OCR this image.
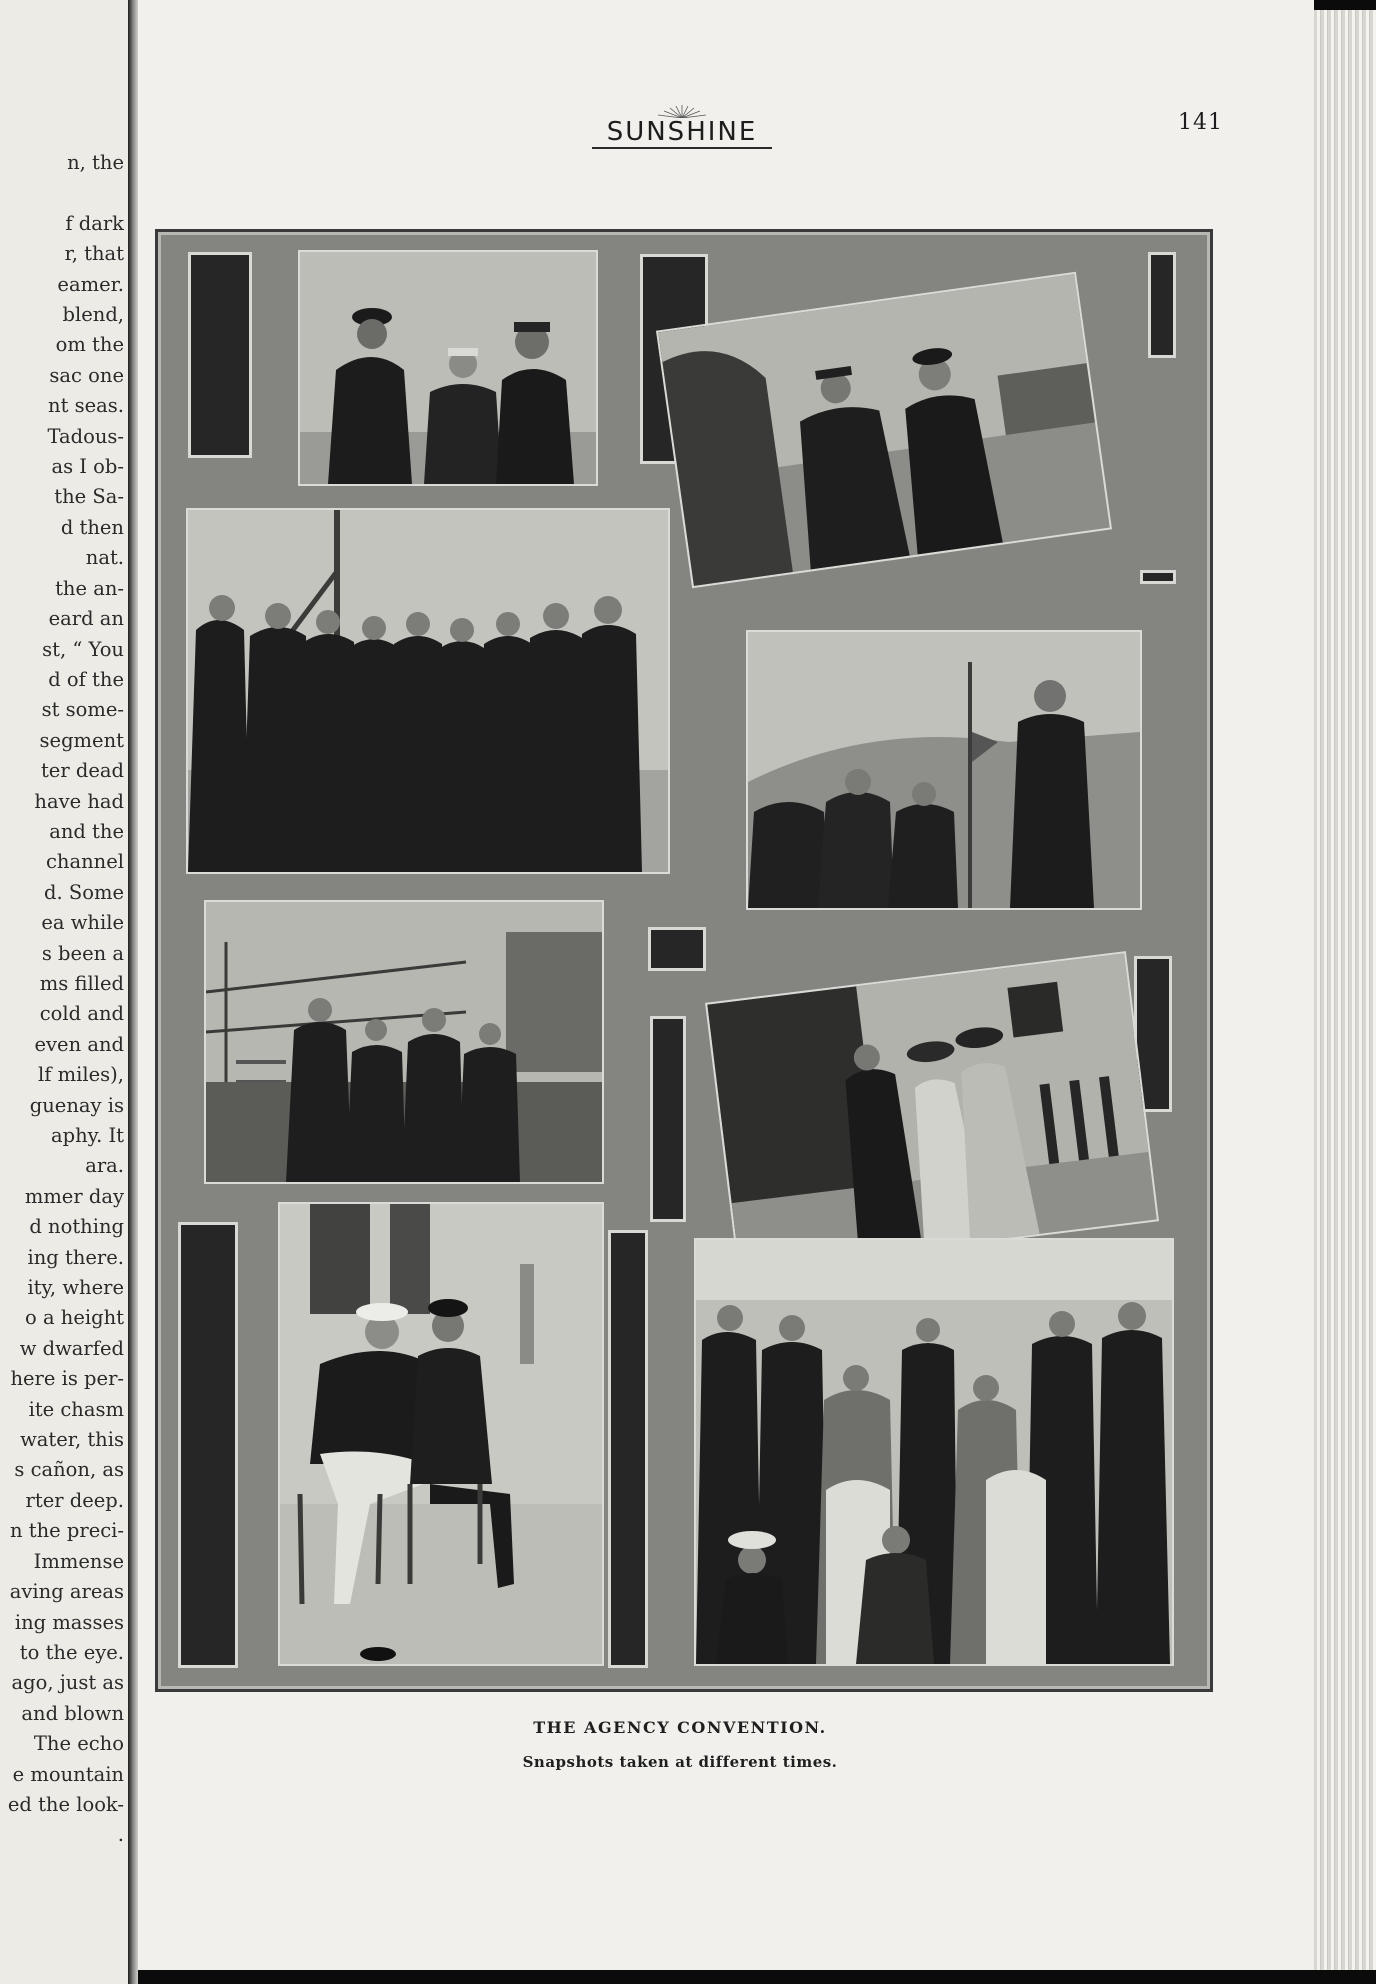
n, the

f dark
r, that
eamer.
blend,
om the
sac one
nt seas.
Tadous-
as I ob-
the Sa-
d then
nat.
the an-
eard an
st, “ You
d of the
st some-
segment
ter dead
have had
and the
channel
d. Some
ea while
s been a
ms filled
cold and
even and
lf miles),
guenay is
aphy. It
ara.
mmer day
d nothing
ing there.
ity, where
o a height
w dwarfed
here is per-
ite chasm
water, this
s cañon, as
rter deep.
n the preci-
Immense
aving areas
ing masses
to the eye.
ago, just as
and blown
The echo
e mountain
ed the look-
.
SUNSHINE	141
THE AGENCY CONVENTION.
Snapshots taken at different times.
